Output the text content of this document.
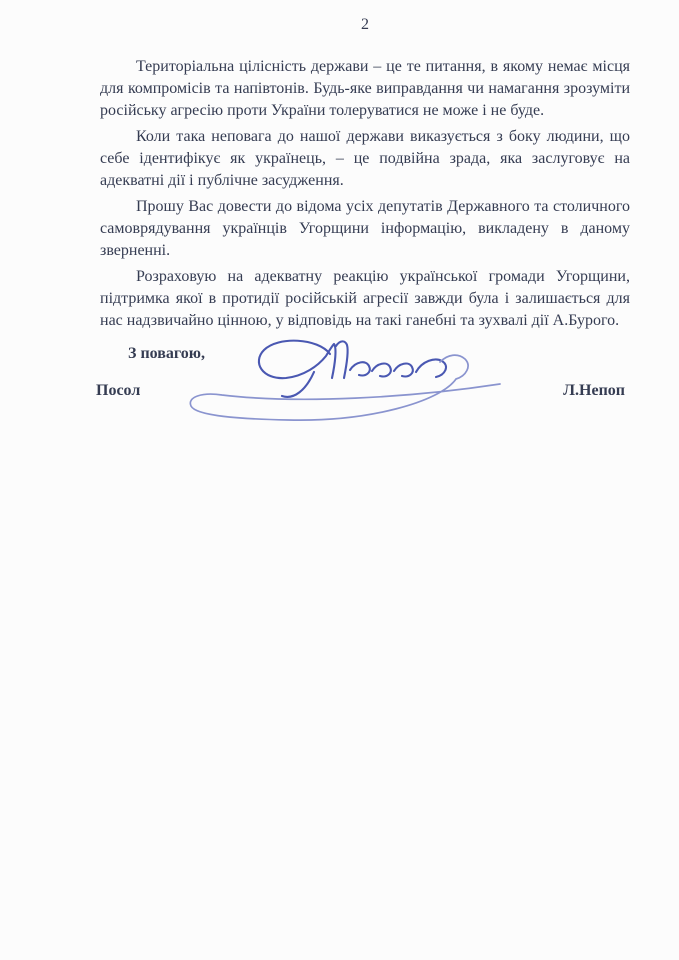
2

Територіальна цілісність держави – це те питання, в якому немає місця для компромісів та напівтонів. Будь-яке виправдання чи намагання зрозуміти російську агресію проти України толеруватися не може і не буде.

Коли така неповага до нашої держави виказується з боку людини, що себе ідентифікує як українець, – це подвійна зрада, яка заслуговує на адекватні дії і публічне засудження.

Прошу Вас довести до відома усіх депутатів Державного та столичного самоврядування українців Угорщини інформацію, викладену в даному зверненні.

Розраховую на адекватну реакцію української громади Угорщини, підтримка якої в протидії російській агресії завжди була і залишається для нас надзвичайно цінною, у відповідь на такі ганебні та зухвалі дії А.Бурого.

З повагою,
Посол	Л.Непоп
